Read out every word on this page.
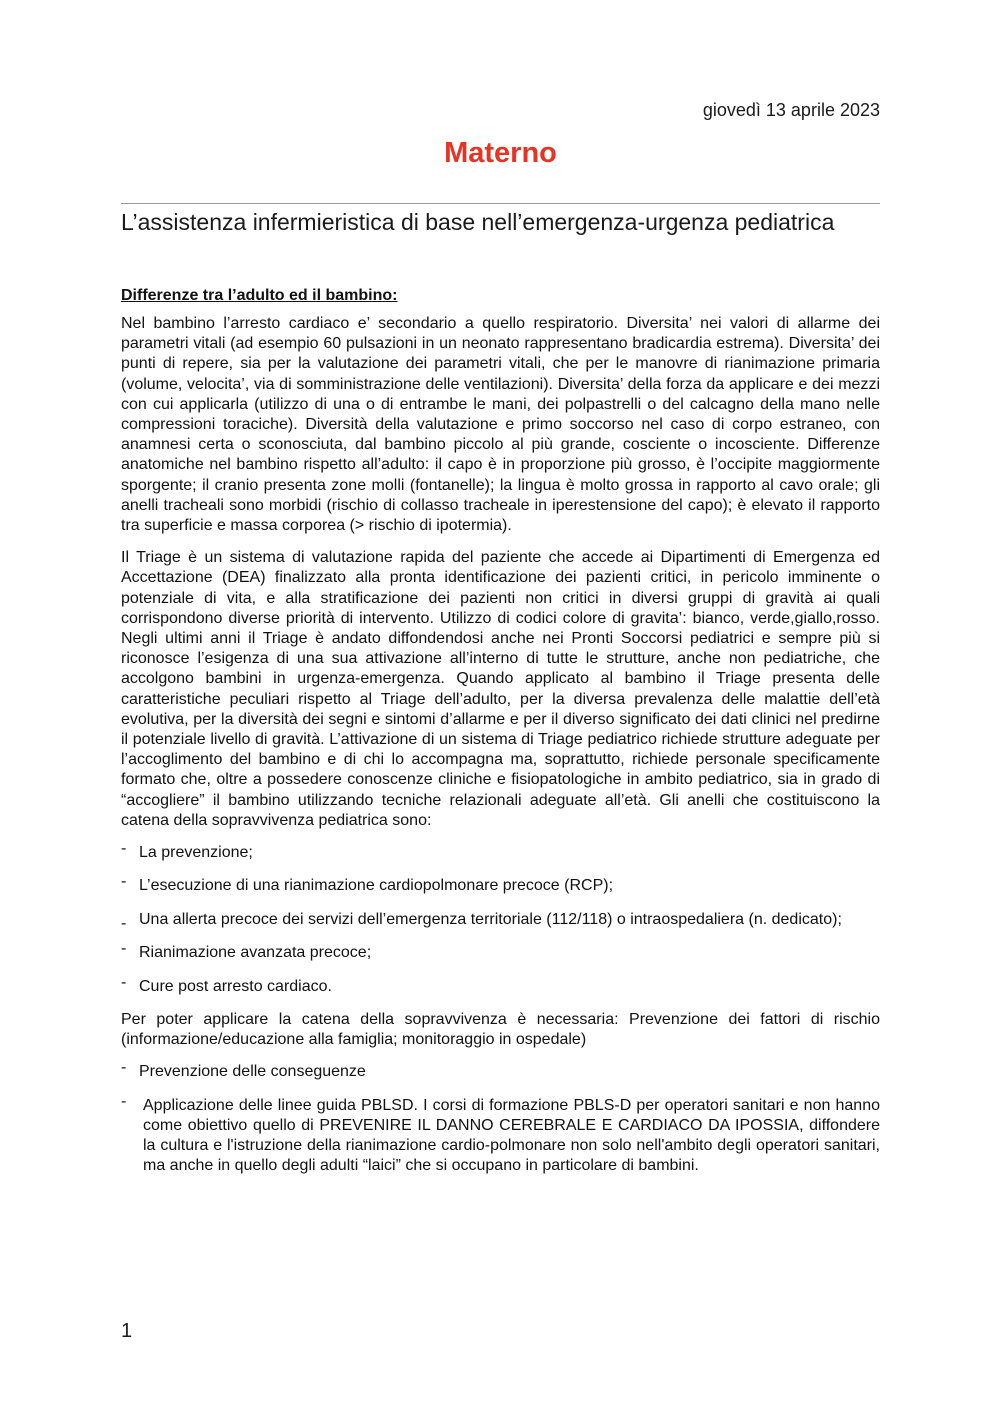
giovedì 13 aprile 2023
Materno
L’assistenza infermieristica di base nell’emergenza-urgenza pediatrica
Differenze tra l’adulto ed il bambino:

Nel bambino l’arresto cardiaco e’ secondario a quello respiratorio. Diversita’ nei valori di allarme dei parametri vitali (ad esempio 60 pulsazioni in un neonato rappresentano bradicardia estrema). Diversita’ dei punti di repere, sia per la valutazione dei parametri vitali, che per le manovre di rianimazione primaria (volume, velocita’, via di somministrazione delle ventilazioni). Diversita’ della forza da applicare e dei mezzi con cui applicarla (utilizzo di una o di entrambe le mani, dei polpastrelli o del calcagno della mano nelle compressioni toraciche). Diversità della valutazione e primo soccorso nel caso di corpo estraneo, con anamnesi certa o sconosciuta, dal bambino piccolo al più grande, cosciente o incosciente. Differenze anatomiche nel bambino rispetto all’adulto: il capo è in proporzione più grosso, è l’occipite maggiormente sporgente; il cranio presenta zone molli (fontanelle); la lingua è molto grossa in rapporto al cavo orale; gli anelli tracheali sono morbidi (rischio di collasso tracheale in iperestensione del capo); è elevato il rapporto tra superficie e massa corporea (> rischio di ipotermia).

Il Triage è un sistema di valutazione rapida del paziente che accede ai Dipartimenti di Emergenza ed Accettazione (DEA) finalizzato alla pronta identificazione dei pazienti critici, in pericolo imminente o potenziale di vita, e alla stratificazione dei pazienti non critici in diversi gruppi di gravità ai quali corrispondono diverse priorità di intervento. Utilizzo di codici colore di gravita’: bianco, verde,giallo,rosso. Negli ultimi anni il Triage è andato diffondendosi anche nei Pronti Soccorsi pediatrici e sempre più si riconosce l’esigenza di una sua attivazione all’interno di tutte le strutture, anche non pediatriche, che accolgono bambini in urgenza-emergenza. Quando applicato al bambino il Triage presenta delle caratteristiche peculiari rispetto al Triage dell’adulto, per la diversa prevalenza delle malattie dell’età evolutiva, per la diversità dei segni e sintomi d’allarme e per il diverso significato dei dati clinici nel predirne il potenziale livello di gravità. L’attivazione di un sistema di Triage pediatrico richiede strutture adeguate per l’accoglimento del bambino e di chi lo accompagna ma, soprattutto, richiede personale specificamente formato che, oltre a possedere conoscenze cliniche e fisiopatologiche in ambito pediatrico, sia in grado di “accogliere” il bambino utilizzando tecniche relazionali adeguate all’età. Gli anelli che costituiscono la catena della sopravvivenza pediatrica sono:

- La prevenzione;
- L’esecuzione di una rianimazione cardiopolmonare precoce (RCP);
- Una allerta precoce dei servizi dell’emergenza territoriale (112/118) o intraospedaliera (n. dedicato);
- Rianimazione avanzata precoce;
- Cure post arresto cardiaco.

Per poter applicare la catena della sopravvivenza è necessaria: Prevenzione dei fattori di rischio (informazione/educazione alla famiglia; monitoraggio in ospedale)

- Prevenzione delle conseguenze
- Applicazione delle linee guida PBLSD. I corsi di formazione PBLS-D per operatori sanitari e non hanno come obiettivo quello di PREVENIRE IL DANNO CEREBRALE E CARDIACO DA IPOSSIA, diffondere la cultura e l'istruzione della rianimazione cardio-polmonare non solo nell'ambito degli operatori sanitari, ma anche in quello degli adulti “laici” che si occupano in particolare di bambini.
1
